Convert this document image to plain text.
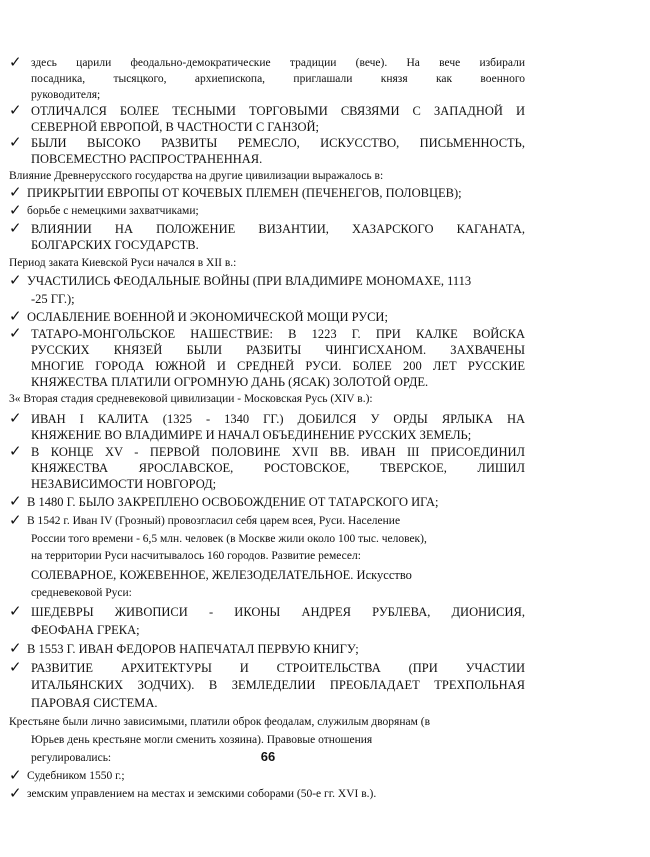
✓

здесь царили феодально-демократические традиции (вече). На вече избирали

посадника, тысяцкого, архиепископа, приглашали князя как военного

руководителя;

✓

ОТЛИЧАЛСЯ БОЛЕЕ ТЕСНЫМИ ТОРГОВЫМИ СВЯЗЯМИ С ЗАПАДНОЙ И

СЕВЕРНОЙ ЕВРОПОЙ, В ЧАСТНОСТИ С ГАНЗОЙ;

✓

БЫЛИ ВЫСОКО РАЗВИТЫ РЕМЕСЛО, ИСКУССТВО, ПИСЬМЕННОСТЬ,

ПОВСЕМЕСТНО РАСПРОСТРАНЕННАЯ.

Влияние Древнерусского государства на другие цивилизации выражалось в:

✓

ПРИКРЫТИИ ЕВРОПЫ ОТ КОЧЕВЫХ ПЛЕМЕН (ПЕЧЕНЕГОВ, ПОЛОВЦЕВ);

✓

борьбе с немецкими захватчиками;

✓

ВЛИЯНИИ НА ПОЛОЖЕНИЕ ВИЗАНТИИ, ХАЗАРСКОГО КАГАНАТА,

БОЛГАРСКИХ ГОСУДАРСТВ.

Период заката Киевской Руси начался в XII в.:

✓

УЧАСТИЛИСЬ ФЕОДАЛЬНЫЕ ВОЙНЫ (ПРИ ВЛАДИМИРЕ МОНОМАХЕ, 1113

-25 ГГ.);

✓

ОСЛАБЛЕНИЕ ВОЕННОЙ И ЭКОНОМИЧЕСКОЙ МОЩИ РУСИ;

✓

ТАТАРО-МОНГОЛЬСКОЕ НАШЕСТВИЕ: В 1223 Г. ПРИ КАЛКЕ ВОЙСКА

РУССКИХ КНЯЗЕЙ БЫЛИ РАЗБИТЫ ЧИНГИСХАНОМ. ЗАХВАЧЕНЫ

МНОГИЕ ГОРОДА ЮЖНОЙ И СРЕДНЕЙ РУСИ. БОЛЕЕ 200 ЛЕТ РУССКИЕ

КНЯЖЕСТВА ПЛАТИЛИ ОГРОМНУЮ ДАНЬ (ЯСАК) ЗОЛОТОЙ ОРДЕ.

3« Вторая стадия средневековой цивилизации - Московская Русь (XIV в.):

✓

ИВАН I КАЛИТА (1325 - 1340 ГГ.) ДОБИЛСЯ У ОРДЫ ЯРЛЫКА НА

КНЯЖЕНИЕ ВО ВЛАДИМИРЕ И НАЧАЛ ОБЪЕДИНЕНИЕ РУССКИХ ЗЕМЕЛЬ;

✓

В КОНЦЕ XV - ПЕРВОЙ ПОЛОВИНЕ XVII ВВ. ИВАН III ПРИСОЕДИНИЛ

КНЯЖЕСТВА ЯРОСЛАВСКОЕ, РОСТОВСКОЕ, ТВЕРСКОЕ, ЛИШИЛ

НЕЗАВИСИМОСТИ НОВГОРОД;

✓

В 1480 Г. БЫЛО ЗАКРЕПЛЕНО ОСВОБОЖДЕНИЕ ОТ ТАТАРСКОГО ИГА;

✓

В 1542 г. Иван IV (Грозный) провозгласил себя царем всея, Руси. Население

России того времени - 6,5 млн. человек (в Москве жили около 100 тыс. человек),

на территории Руси насчитывалось 160 городов. Развитие ремесел:

СОЛЕВАРНОЕ, КОЖЕВЕННОЕ, ЖЕЛЕЗОДЕЛАТЕЛЬНОЕ. Искусство

средневековой Руси:

✓

ШЕДЕВРЫ ЖИВОПИСИ - ИКОНЫ АНДРЕЯ РУБЛЕВА, ДИОНИСИЯ,

ФЕОФАНА ГРЕКА;

✓

В 1553 Г. ИВАН ФЕДОРОВ НАПЕЧАТАЛ ПЕРВУЮ КНИГУ;

✓

РАЗВИТИЕ АРХИТЕКТУРЫ И СТРОИТЕЛЬСТВА (ПРИ УЧАСТИИ

ИТАЛЬЯНСКИХ ЗОДЧИХ). В ЗЕМЛЕДЕЛИИ ПРЕОБЛАДАЕТ ТРЕХПОЛЬНАЯ

ПАРОВАЯ СИСТЕМА.

Крестьяне были лично зависимыми, платили оброк феодалам, служилым дворянам (в

Юрьев день крестьяне могли сменить хозяина). Правовые отношения

регулировались:

✓

Судебником 1550 г.;

✓

земским управлением на местах и земскими соборами (50-е гг. XVI в.).

66
